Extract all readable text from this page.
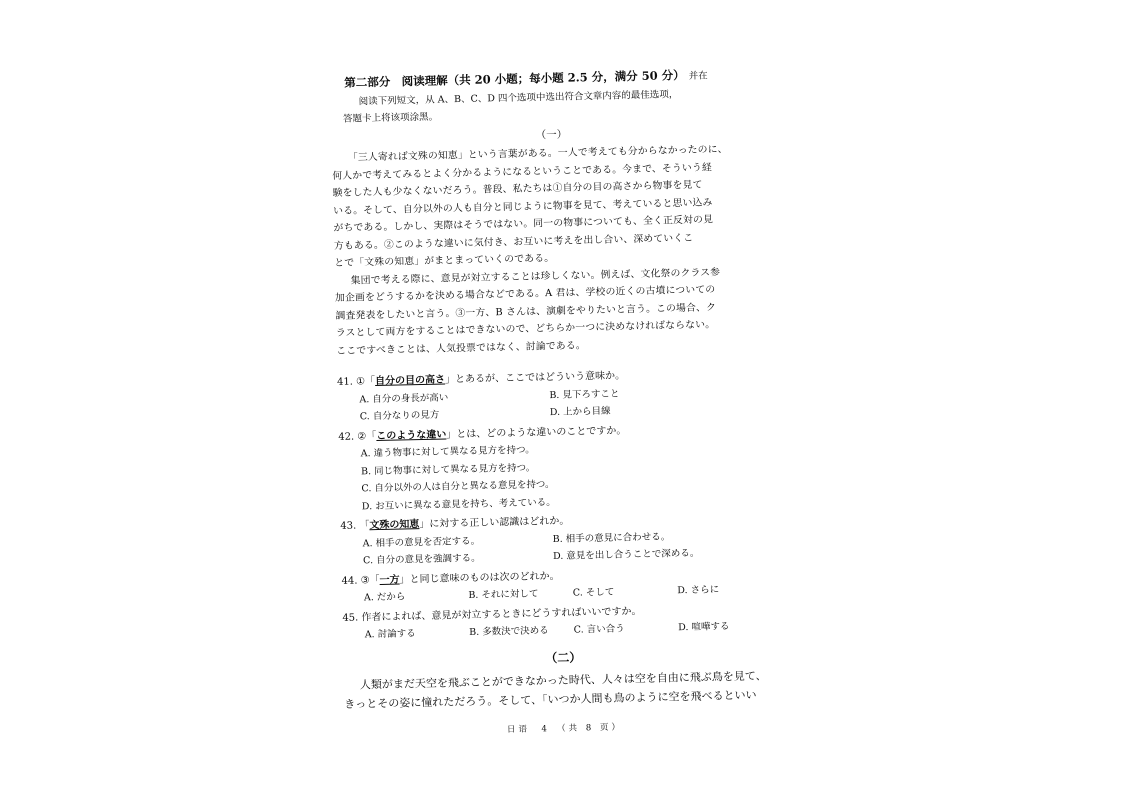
第二部分　阅读理解（共 20 小题；每小题 2.5 分，满分 50 分） 并在
阅读下列短文，从 A、B、C、D 四个选项中选出符合文章内容的最佳选项，
答题卡上将该项涂黑。
（一）
「三人寄れば文殊の知恵」という言葉がある。一人で考えても分からなかったのに、
何人かで考えてみるとよく分かるようになるということである。今まで、そういう経
験をした人も少なくないだろう。普段、私たちは①自分の目の高さから物事を見て
いる。そして、自分以外の人も自分と同じように物事を見て、考えていると思い込み
がちである。しかし、実際はそうではない。同一の物事についても、全く正反対の見
方もある。②このような違いに気付き、お互いに考えを出し合い、深めていくこ
とで「文殊の知恵」がまとまっていくのである。
集団で考える際に、意見が対立することは珍しくない。例えば、文化祭のクラス参
加企画をどうするかを決める場合などである。A 君は、学校の近くの古墳についての
調査発表をしたいと言う。③一方、B さんは、演劇をやりたいと言う。この場合、ク
ラスとして両方をすることはできないので、どちらか一つに決めなければならない。
ここですべきことは、人気投票ではなく、討論である。
41. ①「自分の目の高さ」とあるが、ここではどういう意味か。
A. 自分の身長が高い	B. 見下ろすこと
C. 自分なりの見方	D. 上から目線
42. ②「このような違い」とは、どのような違いのことですか。
A. 違う物事に対して異なる見方を持つ。
B. 同じ物事に対して異なる見方を持つ。
C. 自分以外の人は自分と異なる意見を持つ。
D. お互いに異なる意見を持ち、考えている。
43. 「文殊の知恵」に対する正しい認識はどれか。
A. 相手の意見を否定する。	B. 相手の意見に合わせる。
C. 自分の意見を強調する。	D. 意見を出し合うことで深める。
44. ③「一方」と同じ意味のものは次のどれか。
A. だから	B. それに対して	C. そして	D. さらに
45. 作者によれば、意見が対立するときにどうすればいいですか。
A. 討論する	B. 多数決で決める	C. 言い合う	D. 喧嘩する
（二）
人類がまだ天空を飛ぶことができなかった時代、人々は空を自由に飛ぶ鳥を見て、
きっとその姿に憧れただろう。そして、「いつか人間も鳥のように空を飛べるといい
日语　4　（共 8 页）
